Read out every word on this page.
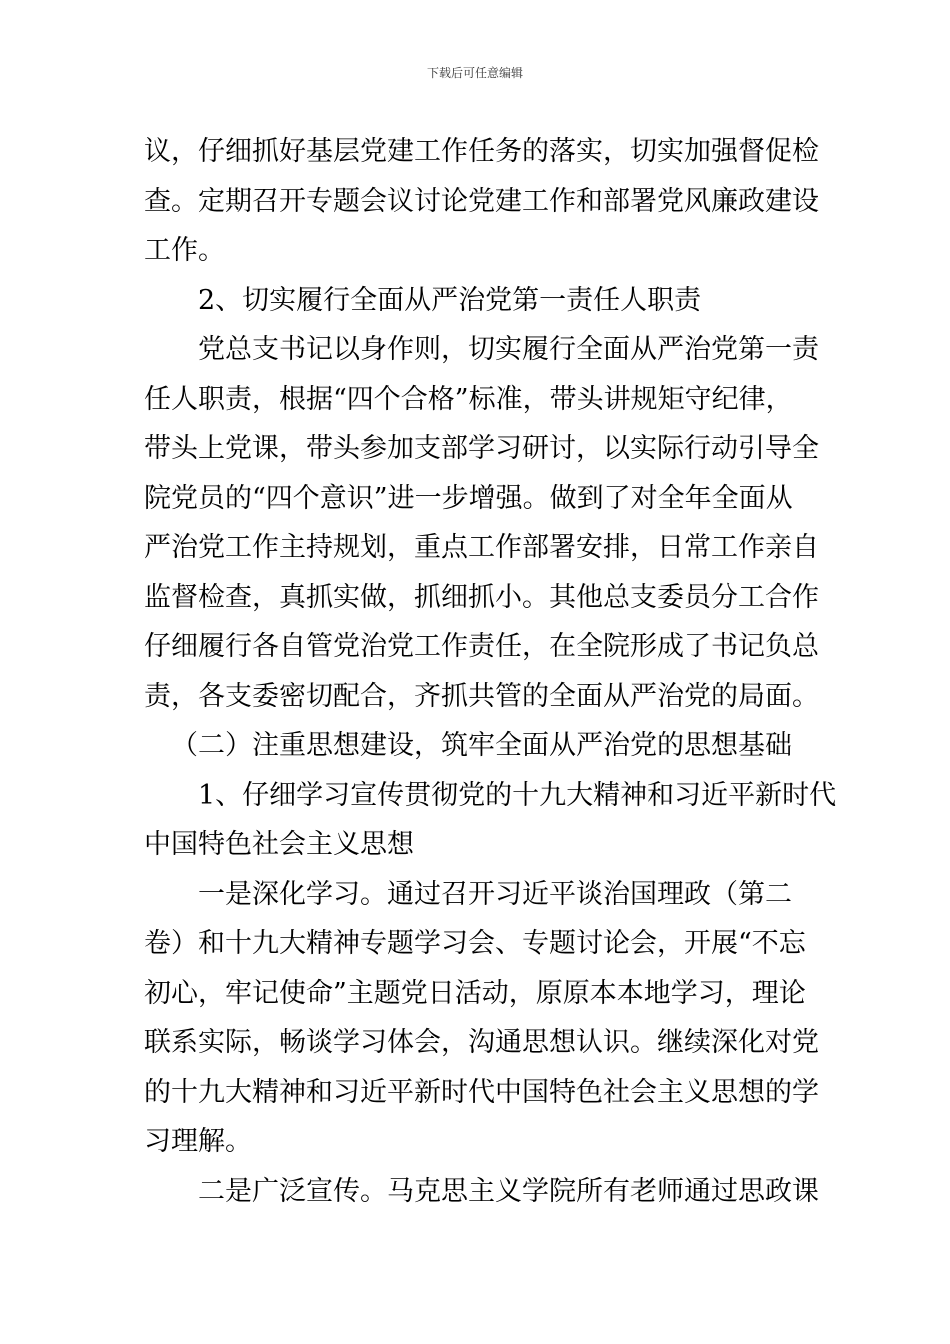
下载后可任意编辑
议，仔细抓好基层党建工作任务的落实，切实加强督促检
查。定期召开专题会议讨论党建工作和部署党风廉政建设
工作。
2、切实履行全面从严治党第一责任人职责
党总支书记以身作则，切实履行全面从严治党第一责
任人职责，根据“四个合格”标准，带头讲规矩守纪律，
带头上党课，带头参加支部学习研讨，以实际行动引导全
院党员的“四个意识”进一步增强。做到了对全年全面从
严治党工作主持规划，重点工作部署安排，日常工作亲自
监督检查，真抓实做，抓细抓小。其他总支委员分工合作
仔细履行各自管党治党工作责任，在全院形成了书记负总
责，各支委密切配合，齐抓共管的全面从严治党的局面。
（二）注重思想建设，筑牢全面从严治党的思想基础
1、仔细学习宣传贯彻党的十九大精神和习近平新时代
中国特色社会主义思想
一是深化学习。通过召开习近平谈治国理政（第二
卷）和十九大精神专题学习会、专题讨论会，开展“不忘
初心，牢记使命”主题党日活动，原原本本地学习，理论
联系实际，畅谈学习体会，沟通思想认识。继续深化对党
的十九大精神和习近平新时代中国特色社会主义思想的学
习理解。
二是广泛宣传。马克思主义学院所有老师通过思政课
